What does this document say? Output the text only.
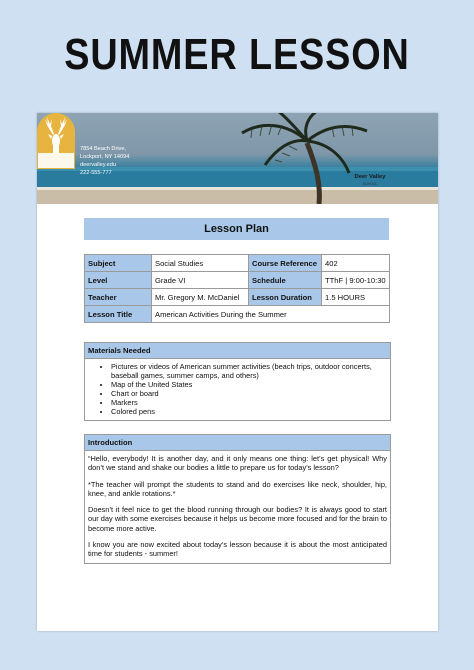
SUMMER LESSON
7854 Beach Drive,
Lockport, NY 14094
deervalley.edu
222-555-777
Deer Valley
SCHOOL
Lesson Plan
Subject	Social Studies	Course Reference	402
Level	Grade VI	Schedule	TThF | 9:00-10:30
Teacher	Mr. Gregory M. McDaniel	Lesson Duration	1.5 HOURS
Lesson Title	American Activities During the Summer		
Materials Needed
• Pictures or videos of American summer activities (beach trips, outdoor concerts, baseball games, summer camps, and others)
• Map of the United States
• Chart or board
• Markers
• Colored pens
Introduction

“Hello, everybody! It is another day, and it only means one thing: let’s get physical! Why don’t we stand and shake our bodies a little to prepare us for today’s lesson?

*The teacher will prompt the students to stand and do exercises like neck, shoulder, hip, knee, and ankle rotations.*

Doesn’t it feel nice to get the blood running through our bodies? It is always good to start our day with some exercises because it helps us become more focused and for the brain to become more active.

I know you are now excited about today’s lesson because it is about the most anticipated time for students - summer!
